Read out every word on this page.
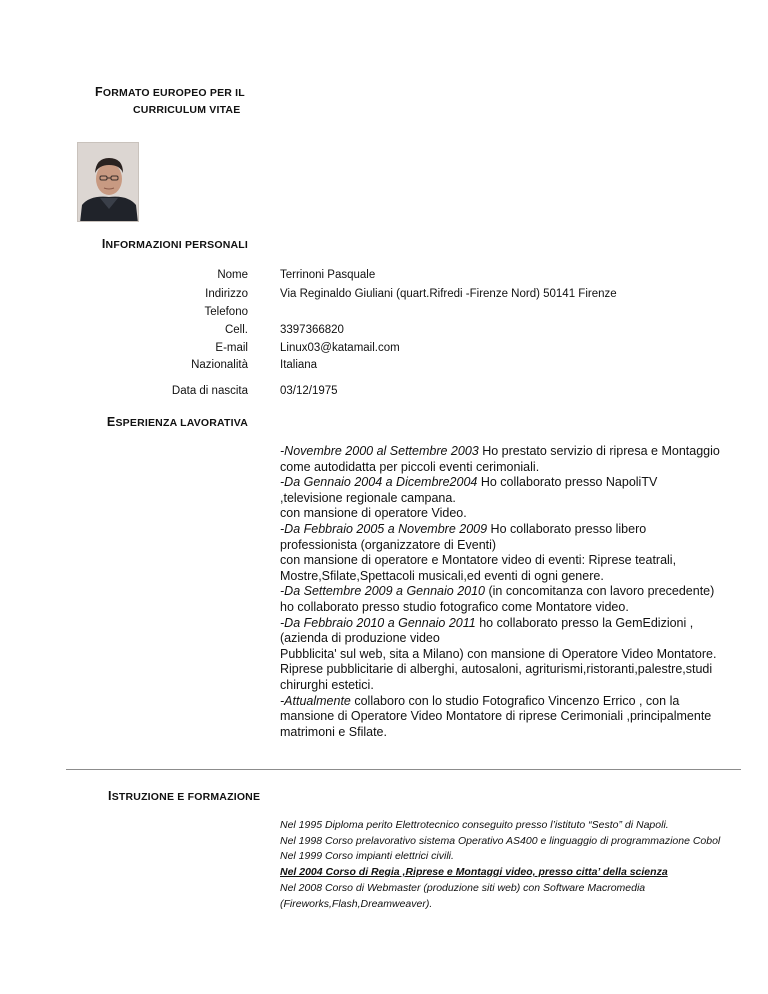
FORMATO EUROPEO PER IL
CURRICULUM VITAE
INFORMAZIONI PERSONALI
Nome	Terrinoni Pasquale
Indirizzo	Via Reginaldo Giuliani (quart.Rifredi -Firenze Nord) 50141 Firenze
Telefono
Cell.	3397366820
E-mail	Linux03@katamail.com
Nazionalità	Italiana
Data di nascita	03/12/1975
ESPERIENZA LAVORATIVA

-Novembre 2000 al Settembre 2003 Ho prestato servizio di ripresa e Montaggio come autodidatta per piccoli eventi cerimoniali.

-Da Gennaio 2004 a Dicembre2004 Ho collaborato presso NapoliTV ,televisione regionale campana.

con mansione di operatore Video.

-Da Febbraio 2005 a Novembre 2009 Ho collaborato presso libero professionista (organizzatore di Eventi)

con mansione di operatore e Montatore video di eventi: Riprese teatrali, Mostre,Sfilate,Spettacoli musicali,ed eventi di ogni genere.

-Da Settembre 2009 a Gennaio 2010 (in concomitanza con lavoro precedente) ho collaborato presso studio fotografico come Montatore video.

-Da Febbraio 2010 a Gennaio 2011 ho collaborato presso la GemEdizioni ,(azienda di produzione video

Pubblicita' sul web, sita a Milano) con mansione di Operatore Video Montatore.

Riprese pubblicitarie di alberghi, autosaloni, agriturismi,ristoranti,palestre,studi chirurghi estetici.

-Attualmente collaboro con lo studio Fotografico Vincenzo Errico , con la mansione di Operatore Video Montatore di riprese Cerimoniali ,principalmente matrimoni e Sfilate.

ISTRUZIONE E FORMAZIONE

Nel 1995 Diploma perito Elettrotecnico conseguito presso l’istituto “Sesto” di Napoli.

Nel 1998 Corso prelavorativo sistema Operativo AS400 e linguaggio di programmazione Cobol

Nel 1999 Corso impianti elettrici civili.

Nel 2004 Corso di Regia ,Riprese e Montaggi video, presso citta’ della scienza

Nel 2008 Corso di Webmaster (produzione siti web) con Software Macromedia (Fireworks,Flash,Dreamweaver).
